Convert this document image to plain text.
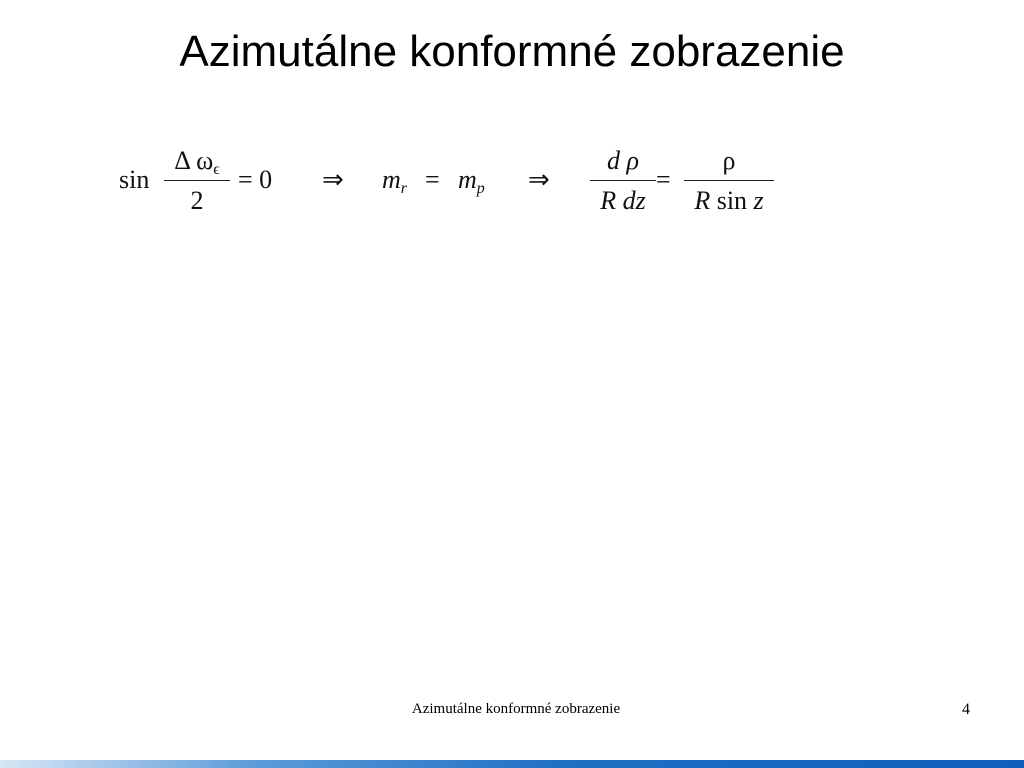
Azimutálne konformné zobrazenie
sin
Δ $\omega_\epsilon$
2
= 0 ⇒ $m_r = m_p$ ⇒
d ρ
R dz
=
ρ
R sin z
Azimutálne konformné zobrazenie	4
